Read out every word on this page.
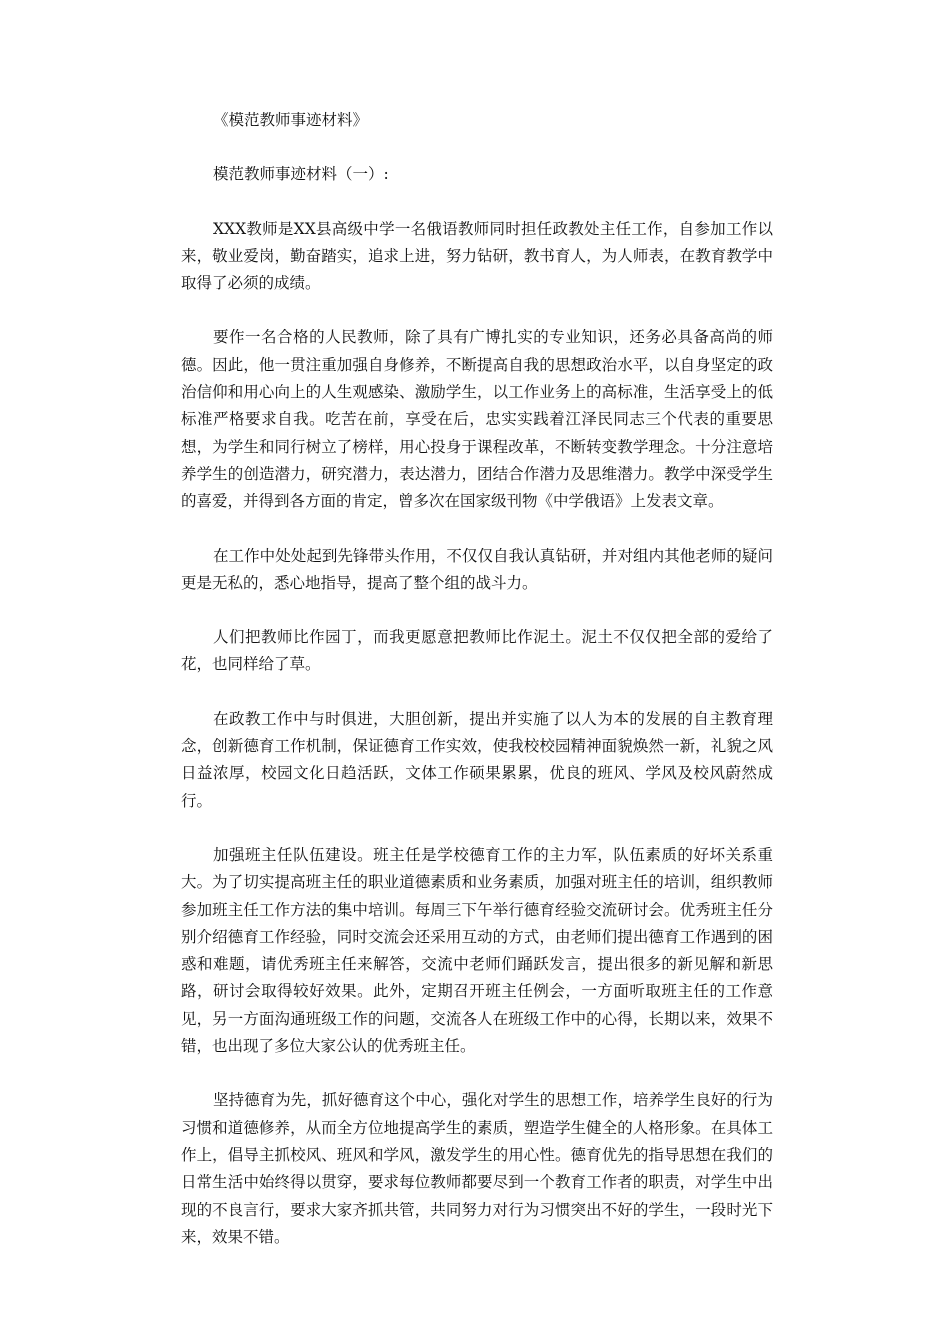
《模范教师事迹材料》

模范教师事迹材料（一）:

XXX教师是XX县高级中学一名俄语教师同时担任政教处主任工作，自参加工作以来，敬业爱岗，勤奋踏实，追求上进，努力钻研，教书育人，为人师表，在教育教学中取得了必须的成绩。

要作一名合格的人民教师，除了具有广博扎实的专业知识，还务必具备高尚的师德。因此，他一贯注重加强自身修养，不断提高自我的思想政治水平，以自身坚定的政治信仰和用心向上的人生观感染、激励学生，以工作业务上的高标准，生活享受上的低标准严格要求自我。吃苦在前，享受在后，忠实实践着江泽民同志三个代表的重要思想，为学生和同行树立了榜样，用心投身于课程改革，不断转变教学理念。十分注意培养学生的创造潜力，研究潜力，表达潜力，团结合作潜力及思维潜力。教学中深受学生的喜爱，并得到各方面的肯定，曾多次在国家级刊物《中学俄语》上发表文章。

在工作中处处起到先锋带头作用，不仅仅自我认真钻研，并对组内其他老师的疑问更是无私的，悉心地指导，提高了整个组的战斗力。

人们把教师比作园丁，而我更愿意把教师比作泥土。泥土不仅仅把全部的爱给了花，也同样给了草。

在政教工作中与时俱进，大胆创新，提出并实施了以人为本的发展的自主教育理念，创新德育工作机制，保证德育工作实效，使我校校园精神面貌焕然一新，礼貌之风日益浓厚，校园文化日趋活跃，文体工作硕果累累，优良的班风、学风及校风蔚然成行。

加强班主任队伍建设。班主任是学校德育工作的主力军，队伍素质的好坏关系重大。为了切实提高班主任的职业道德素质和业务素质，加强对班主任的培训，组织教师参加班主任工作方法的集中培训。每周三下午举行德育经验交流研讨会。优秀班主任分别介绍德育工作经验，同时交流会还采用互动的方式，由老师们提出德育工作遇到的困惑和难题，请优秀班主任来解答，交流中老师们踊跃发言，提出很多的新见解和新思路，研讨会取得较好效果。此外，定期召开班主任例会，一方面听取班主任的工作意见，另一方面沟通班级工作的问题，交流各人在班级工作中的心得，长期以来，效果不错，也出现了多位大家公认的优秀班主任。

坚持德育为先，抓好德育这个中心，强化对学生的思想工作，培养学生良好的行为习惯和道德修养，从而全方位地提高学生的素质，塑造学生健全的人格形象。在具体工作上，倡导主抓校风、班风和学风，激发学生的用心性。德育优先的指导思想在我们的日常生活中始终得以贯穿，要求每位教师都要尽到一个教育工作者的职责，对学生中出现的不良言行，要求大家齐抓共管，共同努力对行为习惯突出不好的学生，一段时光下来，效果不错。
